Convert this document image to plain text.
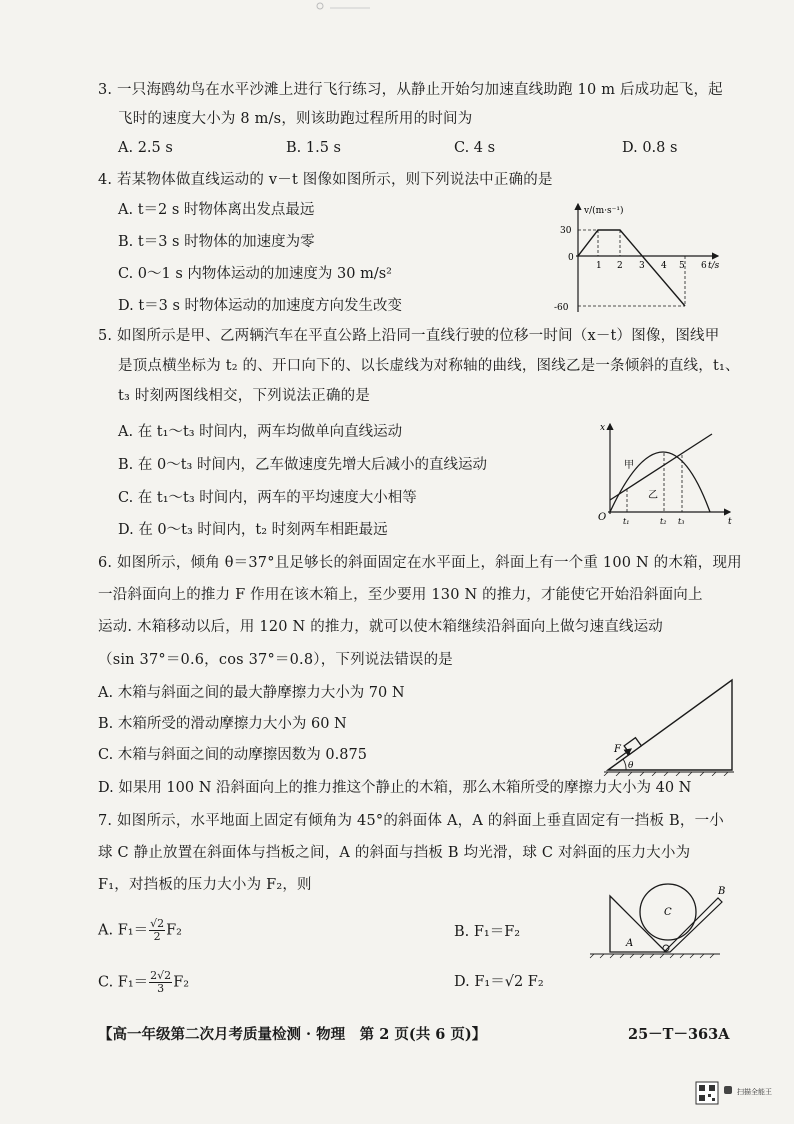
3. 一只海鸥幼鸟在水平沙滩上进行飞行练习，从静止开始匀加速直线助跑 10 m 后成功起飞，起
飞时的速度大小为 8 m/s，则该助跑过程所用的时间为
A. 2.5 s	B. 1.5 s	C. 4 s	D. 0.8 s
4. 若某物体做直线运动的 v－t 图像如图所示，则下列说法中正确的是
A. t＝2 s 时物体离出发点最远
B. t＝3 s 时物体的加速度为零
C. 0～1 s 内物体运动的加速度为 30 m/s²
D. t＝3 s 时物体运动的加速度方向发生改变
v/(m·s⁻¹)
t/s
30
0
-60
1 2 3 4 5 6
5. 如图所示是甲、乙两辆汽车在平直公路上沿同一直线行驶的位移一时间（x－t）图像，图线甲
是顶点横坐标为 t₂ 的、开口向下的、以长虚线为对称轴的曲线，图线乙是一条倾斜的直线，t₁、
t₃ 时刻两图线相交，下列说法正确的是
A. 在 t₁～t₃ 时间内，两车均做单向直线运动
B. 在 0～t₃ 时间内，乙车做速度先增大后减小的直线运动
C. 在 t₁～t₃ 时间内，两车的平均速度大小相等
D. 在 0～t₃ 时间内，t₂ 时刻两车相距最远
x
t
O
甲
乙
t₁	t₂ t₃
6. 如图所示，倾角 θ＝37°且足够长的斜面固定在水平面上，斜面上有一个重 100 N 的木箱，现用
一沿斜面向上的推力 F 作用在该木箱上，至少要用 130 N 的推力，才能使它开始沿斜面向上
运动. 木箱移动以后，用 120 N 的推力，就可以使木箱继续沿斜面向上做匀速直线运动
（sin 37°＝0.6，cos 37°＝0.8），下列说法错误的是
A. 木箱与斜面之间的最大静摩擦力大小为 70 N
B. 木箱所受的滑动摩擦力大小为 60 N
C. 木箱与斜面之间的动摩擦因数为 0.875
D. 如果用 100 N 沿斜面向上的推力推这个静止的木箱，那么木箱所受的摩擦力大小为 40 N
F
θ
7. 如图所示，水平地面上固定有倾角为 45°的斜面体 A，A 的斜面上垂直固定有一挡板 B，一小
球 C 静止放置在斜面体与挡板之间，A 的斜面与挡板 B 均光滑，球 C 对斜面的压力大小为
F₁，对挡板的压力大小为 F₂，则
A. $F_1= \frac{√2}{2} F_2$	B. F₁＝F₂
C. $F_1= \frac{2√2}{3} F_2$	D. F₁＝√2 F₂
A
B
C
【高一年级第二次月考质量检测 · 物理　第 2 页(共 6 页)】	25－T－363A
扫描全能王
